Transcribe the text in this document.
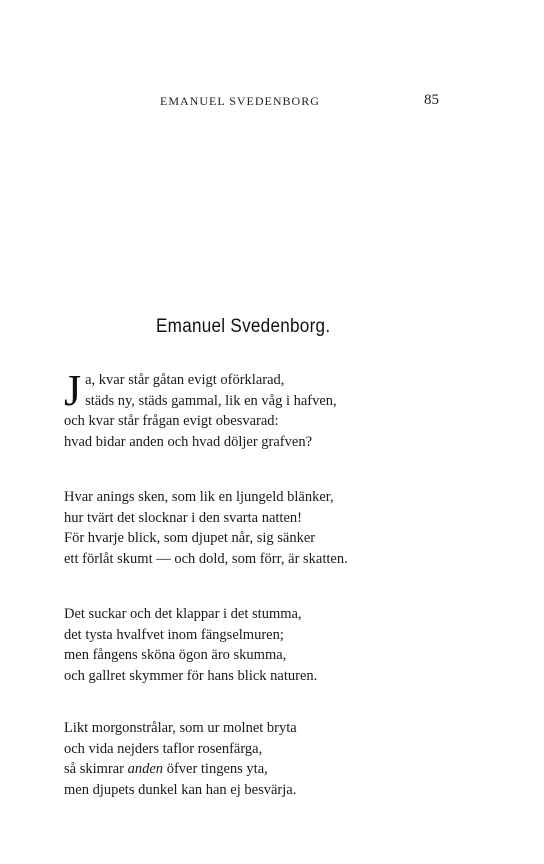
EMANUEL SVEDENBORG	85
Emanuel Svedenborg.
J a, kvar står gåtan evigt oförklarad,
städs ny, städs gammal, lik en våg i hafven,
och kvar står frågan evigt obesvarad:
hvad bidar anden och hvad döljer grafven?
Hvar anings sken, som lik en ljungeld blänker,
hur tvärt det slocknar i den svarta natten!
För hvarje blick, som djupet når, sig sänker
ett förlåt skumt — och dold, som förr, är skatten.
Det suckar och det klappar i det stumma,
det tysta hvalfvet inom fängselmuren;
men fångens sköna ögon äro skumma,
och gallret skymmer för hans blick naturen.
Likt morgonstrålar, som ur molnet bryta
och vida nejders taflor rosenfärga,
så skimrar anden öfver tingens yta,
men djupets dunkel kan han ej besvärja.
